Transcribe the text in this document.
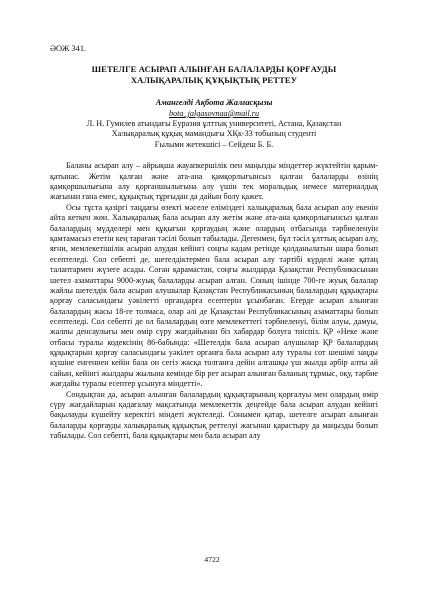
ӘОЖ 341.
ШЕТЕЛГЕ АСЫРАП АЛЫНҒАН БАЛАЛАРДЫ ҚОРҒАУДЫ
ХАЛЫҚАРАЛЫҚ ҚҰҚЫҚТЫҚ РЕТТЕУ
Амангелді Ақбота Жалғасқызы
bota_jalgasovnaa@mail.ru
Л. Н. Гумилев атындағы Еуразия ұлттық университеті, Астана, Қазақстан
Халықаралық құқық мамандығы ХҚк-33 тобының студенті
Ғылыми жетекшісі – Сейдеш Б. Б.

Баланы асырап алу – айрықша жауапкершілік пен маңызды міндеттер жүктейтін қарым-қатынас. Жетім қалған және ата-ана қамқорлығынсыз қалған балаларды өзінің қамқоршылығына алу қорғаншылығына алу үшін тек моральдық немесе материалдық жағынан ғана емес, құқықтық тұрғыдан да дайын болу қажет.

Осы тұста қазіргі таңдағы өзекті мәселе еліміздегі халықаралық бала асырап алу екенін айта кеткен жөн. Халықаралық бала асырап алу жетім және ата-ана қамқорлығынсыз қалған балалардың мүдделері мен құқығын қорғаудың және олардың отбасында тәрбиеленуін қамтамасыз ететін кең тараған тәсілі болып табылады. Дегенмен, бұл тәсіл ұлттық асырап алу, яғни, мемлекетішілік асырап алудан кейінгі соңғы кадам ретінде қолданылатын шара болып есептеледі. Сол себепті де, шетелдіктермен бала асырап алу тәртібі күрделі және қатаң талаптармен жүзеге асады. Соған қарамастан, соңғы жылдарда Қазақстан Республикасынан шетел азаматтары 9000-жуық балаларды асырап алған. Соның ішінде 700-ге жуық балалар жайлы шетелдік бала асырап алушылар Қазақстан Республикасының балалардың құқықтары қорғау саласындағы уәкілетті органдарға есептерін ұсынбаған. Егерде асырап алынған балалардың жасы 18-ге толмаса, олар әлі де Қазақстан Республикасының азаматтары болып есептеледі. Сол себепті де ол балалардың өзге мемлекеттегі тәрбиеленуі, білім алуы, дамуы, жалпы денсаулығы мен өмір сүру жағдайынан біз хабардар болуға тиіспіз. ҚР «Неке және отбасы туралы кодексінің 86-бабында: «Шетелдік бала асырап алушылар ҚР балалардың құқықтарын қорғау саласындағы уәкілет органға бала асырап алу туралы сот шешімі заңды күшіне енгеннен кейін бала он сегіз жасқа толғанға дейін алғашқы үш жылда әрбір алты ай сайын, кейінгі жылдары жылына кемінде бір рет асырап алынған баланың тұрмыс, оқу, тәрбие жағдайы туралы есептер ұсынуға міндетті».

Сондықтан да, асырап алынған балалардың құқықтарының қорғалуы мен олардың өмір сүру жағдайларын қадағалау мақсатында мемлекеттік деңгейде бала асырап алудан кейінгі бақылауды күшейту керектігі міндеті жүктеледі. Сонымен қатар, шетелге асырап алынған балаларды қорғауды халықаралық құқықтық реттелуі жағынан қарастыру да маңызды болып табылады. Сол себепті, бала құқықтары мен бала асырап алу

4722
